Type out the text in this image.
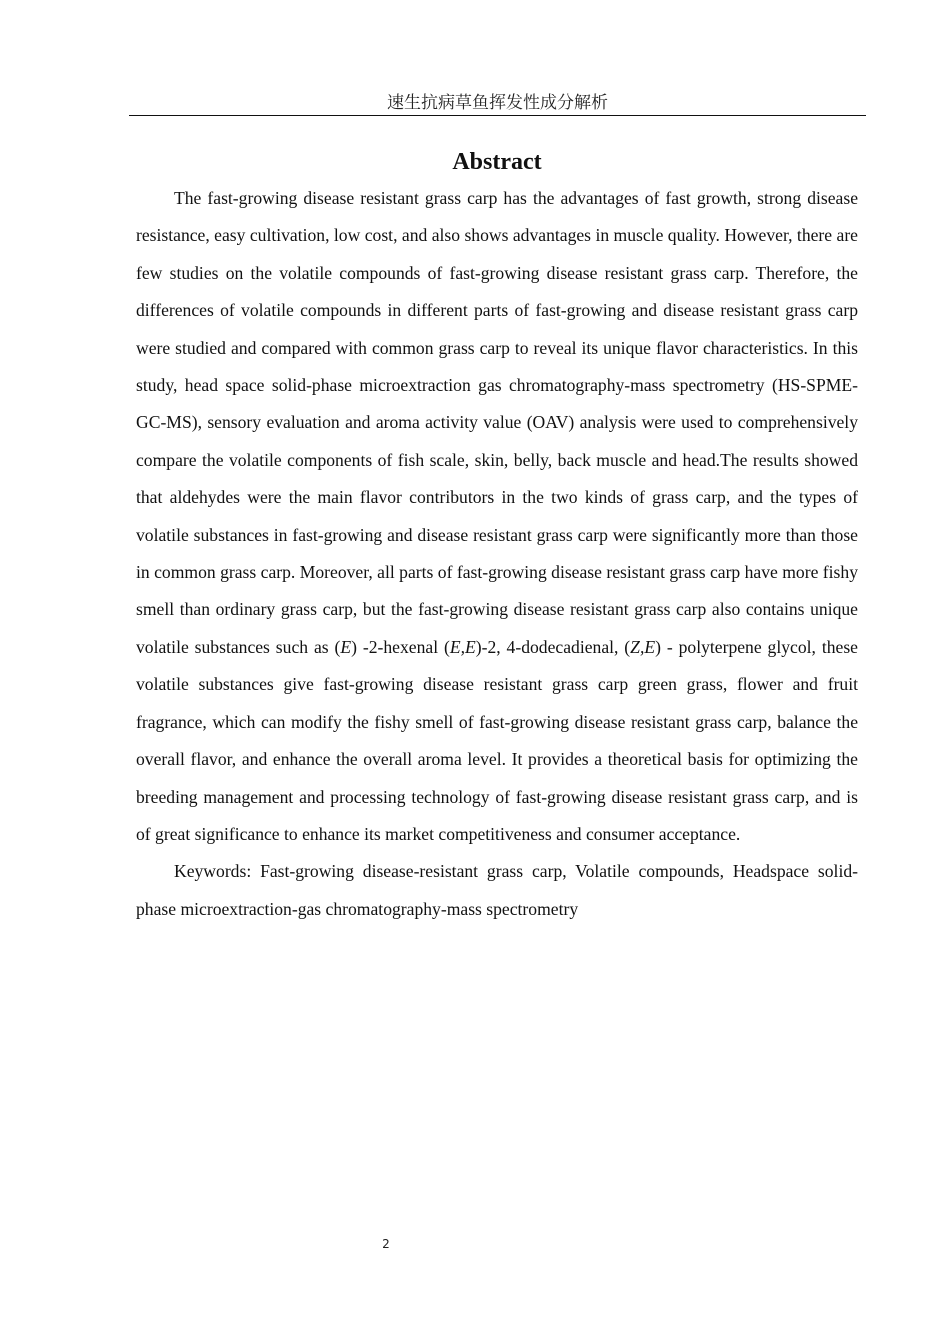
速生抗病草鱼挥发性成分解析
Abstract

The fast-growing disease resistant grass carp has the advantages of fast growth, strong disease resistance, easy cultivation, low cost, and also shows advantages in muscle quality. However, there are few studies on the volatile compounds of fast-growing disease resistant grass carp. Therefore, the differences of volatile compounds in different parts of fast-growing and disease resistant grass carp were studied and compared with common grass carp to reveal its unique flavor characteristics. In this study, head space solid-phase microextraction gas chromatography-mass spectrometry (HS-SPME-GC-MS), sensory evaluation and aroma activity value (OAV) analysis were used to comprehensively compare the volatile components of fish scale, skin, belly, back muscle and head.The results showed that aldehydes were the main flavor contributors in the two kinds of grass carp, and the types of volatile substances in fast-growing and disease resistant grass carp were significantly more than those in common grass carp. Moreover, all parts of fast-growing disease resistant grass carp have more fishy smell than ordinary grass carp, but the fast-growing disease resistant grass carp also contains unique volatile substances such as (E) -2-hexenal (E,E)-2, 4-dodecadienal, (Z,E) - polyterpene glycol, these volatile substances give fast-growing disease resistant grass carp green grass, flower and fruit fragrance, which can modify the fishy smell of fast-growing disease resistant grass carp, balance the overall flavor, and enhance the overall aroma level. It provides a theoretical basis for optimizing the breeding management and processing technology of fast-growing disease resistant grass carp, and is of great significance to enhance its market competitiveness and consumer acceptance.

Keywords: Fast-growing disease-resistant grass carp, Volatile compounds, Headspace solid-phase microextraction-gas chromatography-mass spectrometry

2
